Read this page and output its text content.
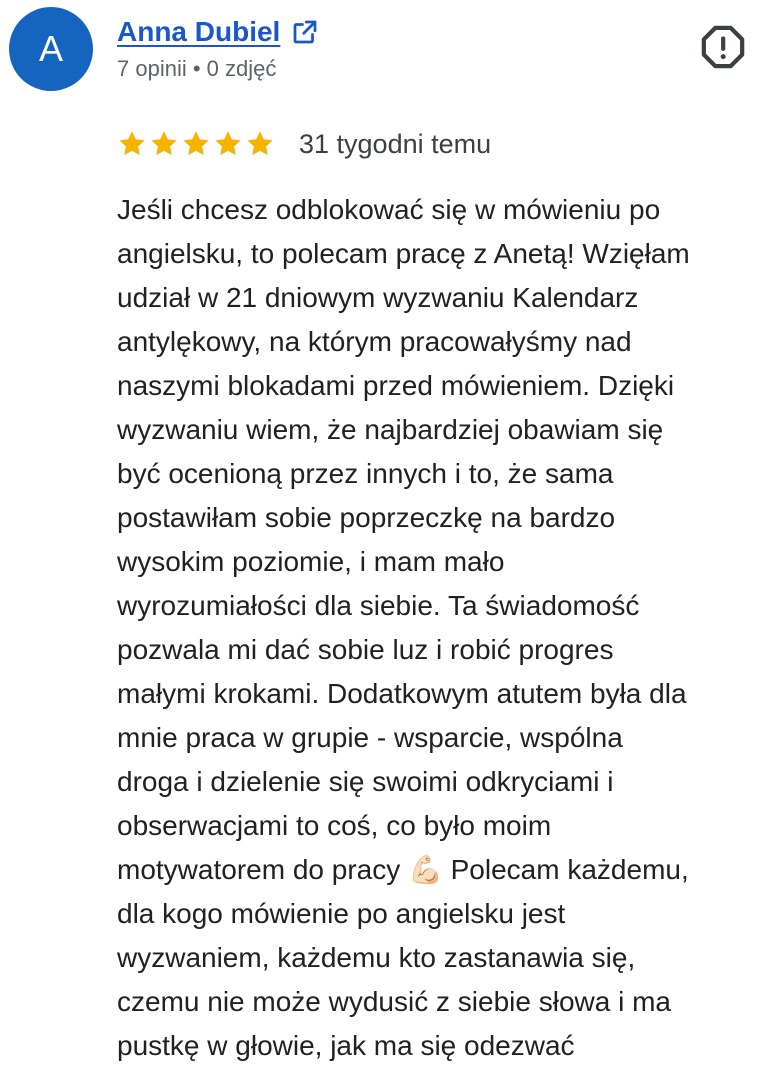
A Anna Dubiel
7 opinii • 0 zdjęć
31 tygodni temu
Jeśli chcesz odblokować się w mówieniu po
angielsku, to polecam pracę z Anetą! Wzięłam
udział w 21 dniowym wyzwaniu Kalendarz
antylękowy, na którym pracowałyśmy nad
naszymi blokadami przed mówieniem. Dzięki
wyzwaniu wiem, że najbardziej obawiam się
być ocenioną przez innych i to, że sama
postawiłam sobie poprzeczkę na bardzo
wysokim poziomie, i mam mało
wyrozumiałości dla siebie. Ta świadomość
pozwala mi dać sobie luz i robić progres
małymi krokami. Dodatkowym atutem była dla
mnie praca w grupie - wsparcie, wspólna
droga i dzielenie się swoimi odkryciami i
obserwacjami to coś, co było moim
motywatorem do pracy 💪🏻 Polecam każdemu,
dla kogo mówienie po angielsku jest
wyzwaniem, każdemu kto zastanawia się,
czemu nie może wydusić z siebie słowa i ma
pustkę w głowie, jak ma się odezwać
